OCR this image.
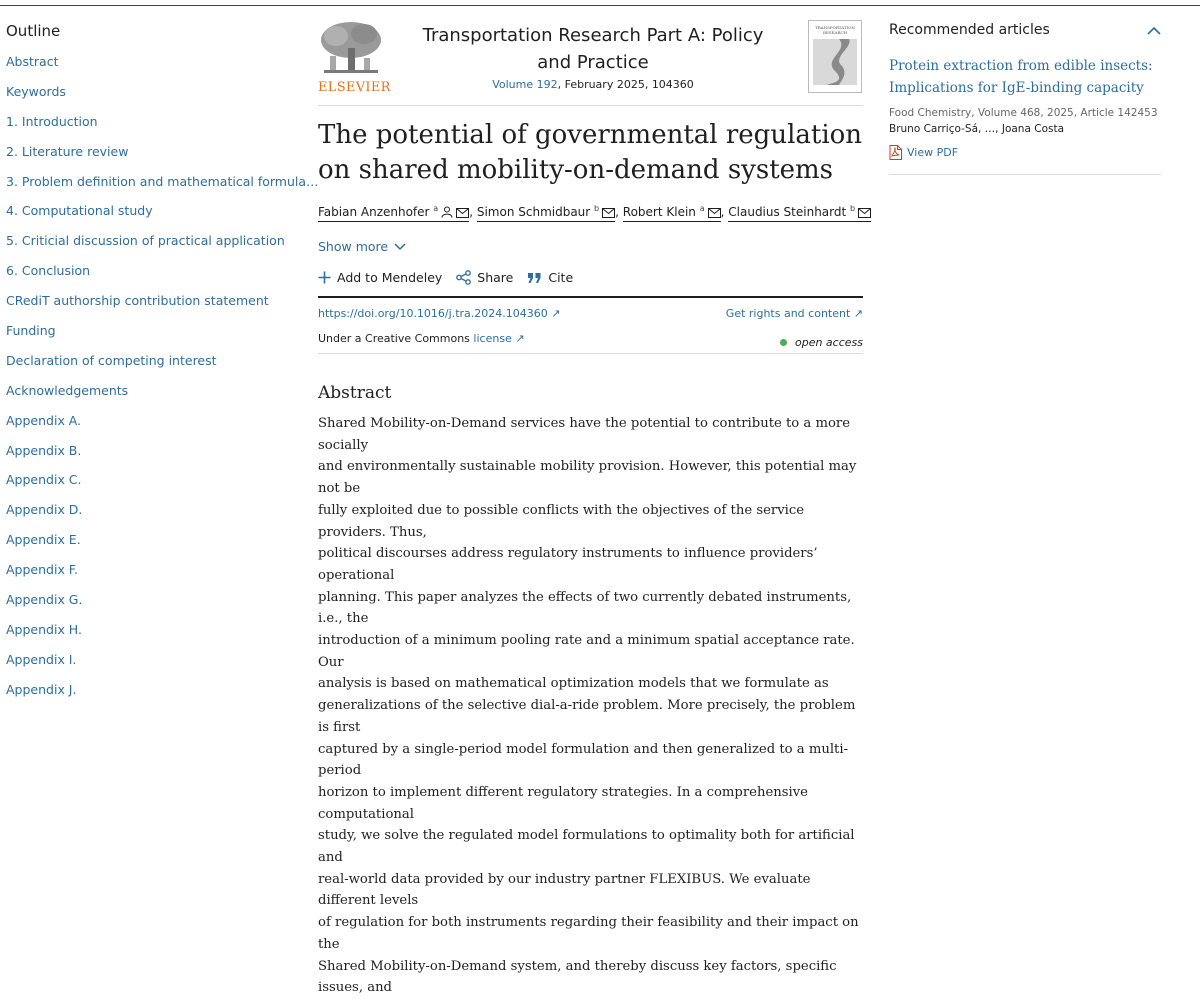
Outline
Abstract
Keywords
1. Introduction
2. Literature review
3. Problem definition and mathematical formula…
4. Computational study
5. Criticial discussion of practical application
6. Conclusion
CRediT authorship contribution statement
Funding
Declaration of competing interest
Acknowledgements
Appendix A.
Appendix B.
Appendix C.
Appendix D.
Appendix E.
Appendix F.
Appendix G.
Appendix H.
Appendix I.
Appendix J.
ELSEVIER
Transportation Research Part A: Policy and Practice
Volume 192, February 2025, 104360
TRANSPORTATION RESEARCH
The potential of governmental regulation on shared mobility-on-demand systems
Fabian Anzenhofer $^a$	, Simon Schmidbaur $^b$ , Robert Klein $^a$ , Claudius Steinhardt $^b$
Show more
Add to Mendeley	Share	Cite
https://doi.org/10.1016/j.tra.2024.104360 ↗	Get rights and content ↗
Under a Creative Commons license ↗	open access
Abstract
Shared Mobility-on-Demand services have the potential to contribute to a more socially
and environmentally sustainable mobility provision. However, this potential may not be
fully exploited due to possible conflicts with the objectives of the service providers. Thus,
political discourses address regulatory instruments to influence providers’ operational
planning. This paper analyzes the effects of two currently debated instruments, i.e., the
introduction of a minimum pooling rate and a minimum spatial acceptance rate. Our
analysis is based on mathematical optimization models that we formulate as
generalizations of the selective dial-a-ride problem. More precisely, the problem is first
captured by a single-period model formulation and then generalized to a multi-period
horizon to implement different regulatory strategies. In a comprehensive computational
study, we solve the regulated model formulations to optimality both for artificial and
real-world data provided by our industry partner FLEXIBUS. We evaluate different levels
of regulation for both instruments regarding their feasibility and their impact on the
Shared Mobility-on-Demand system, and thereby discuss key factors, specific issues, and
Recommended articles
Protein extraction from edible insects: Implications for IgE-binding capacity
Food Chemistry, Volume 468, 2025, Article 142453
Bruno Carriço-Sá, …, Joana Costa
View PDF
